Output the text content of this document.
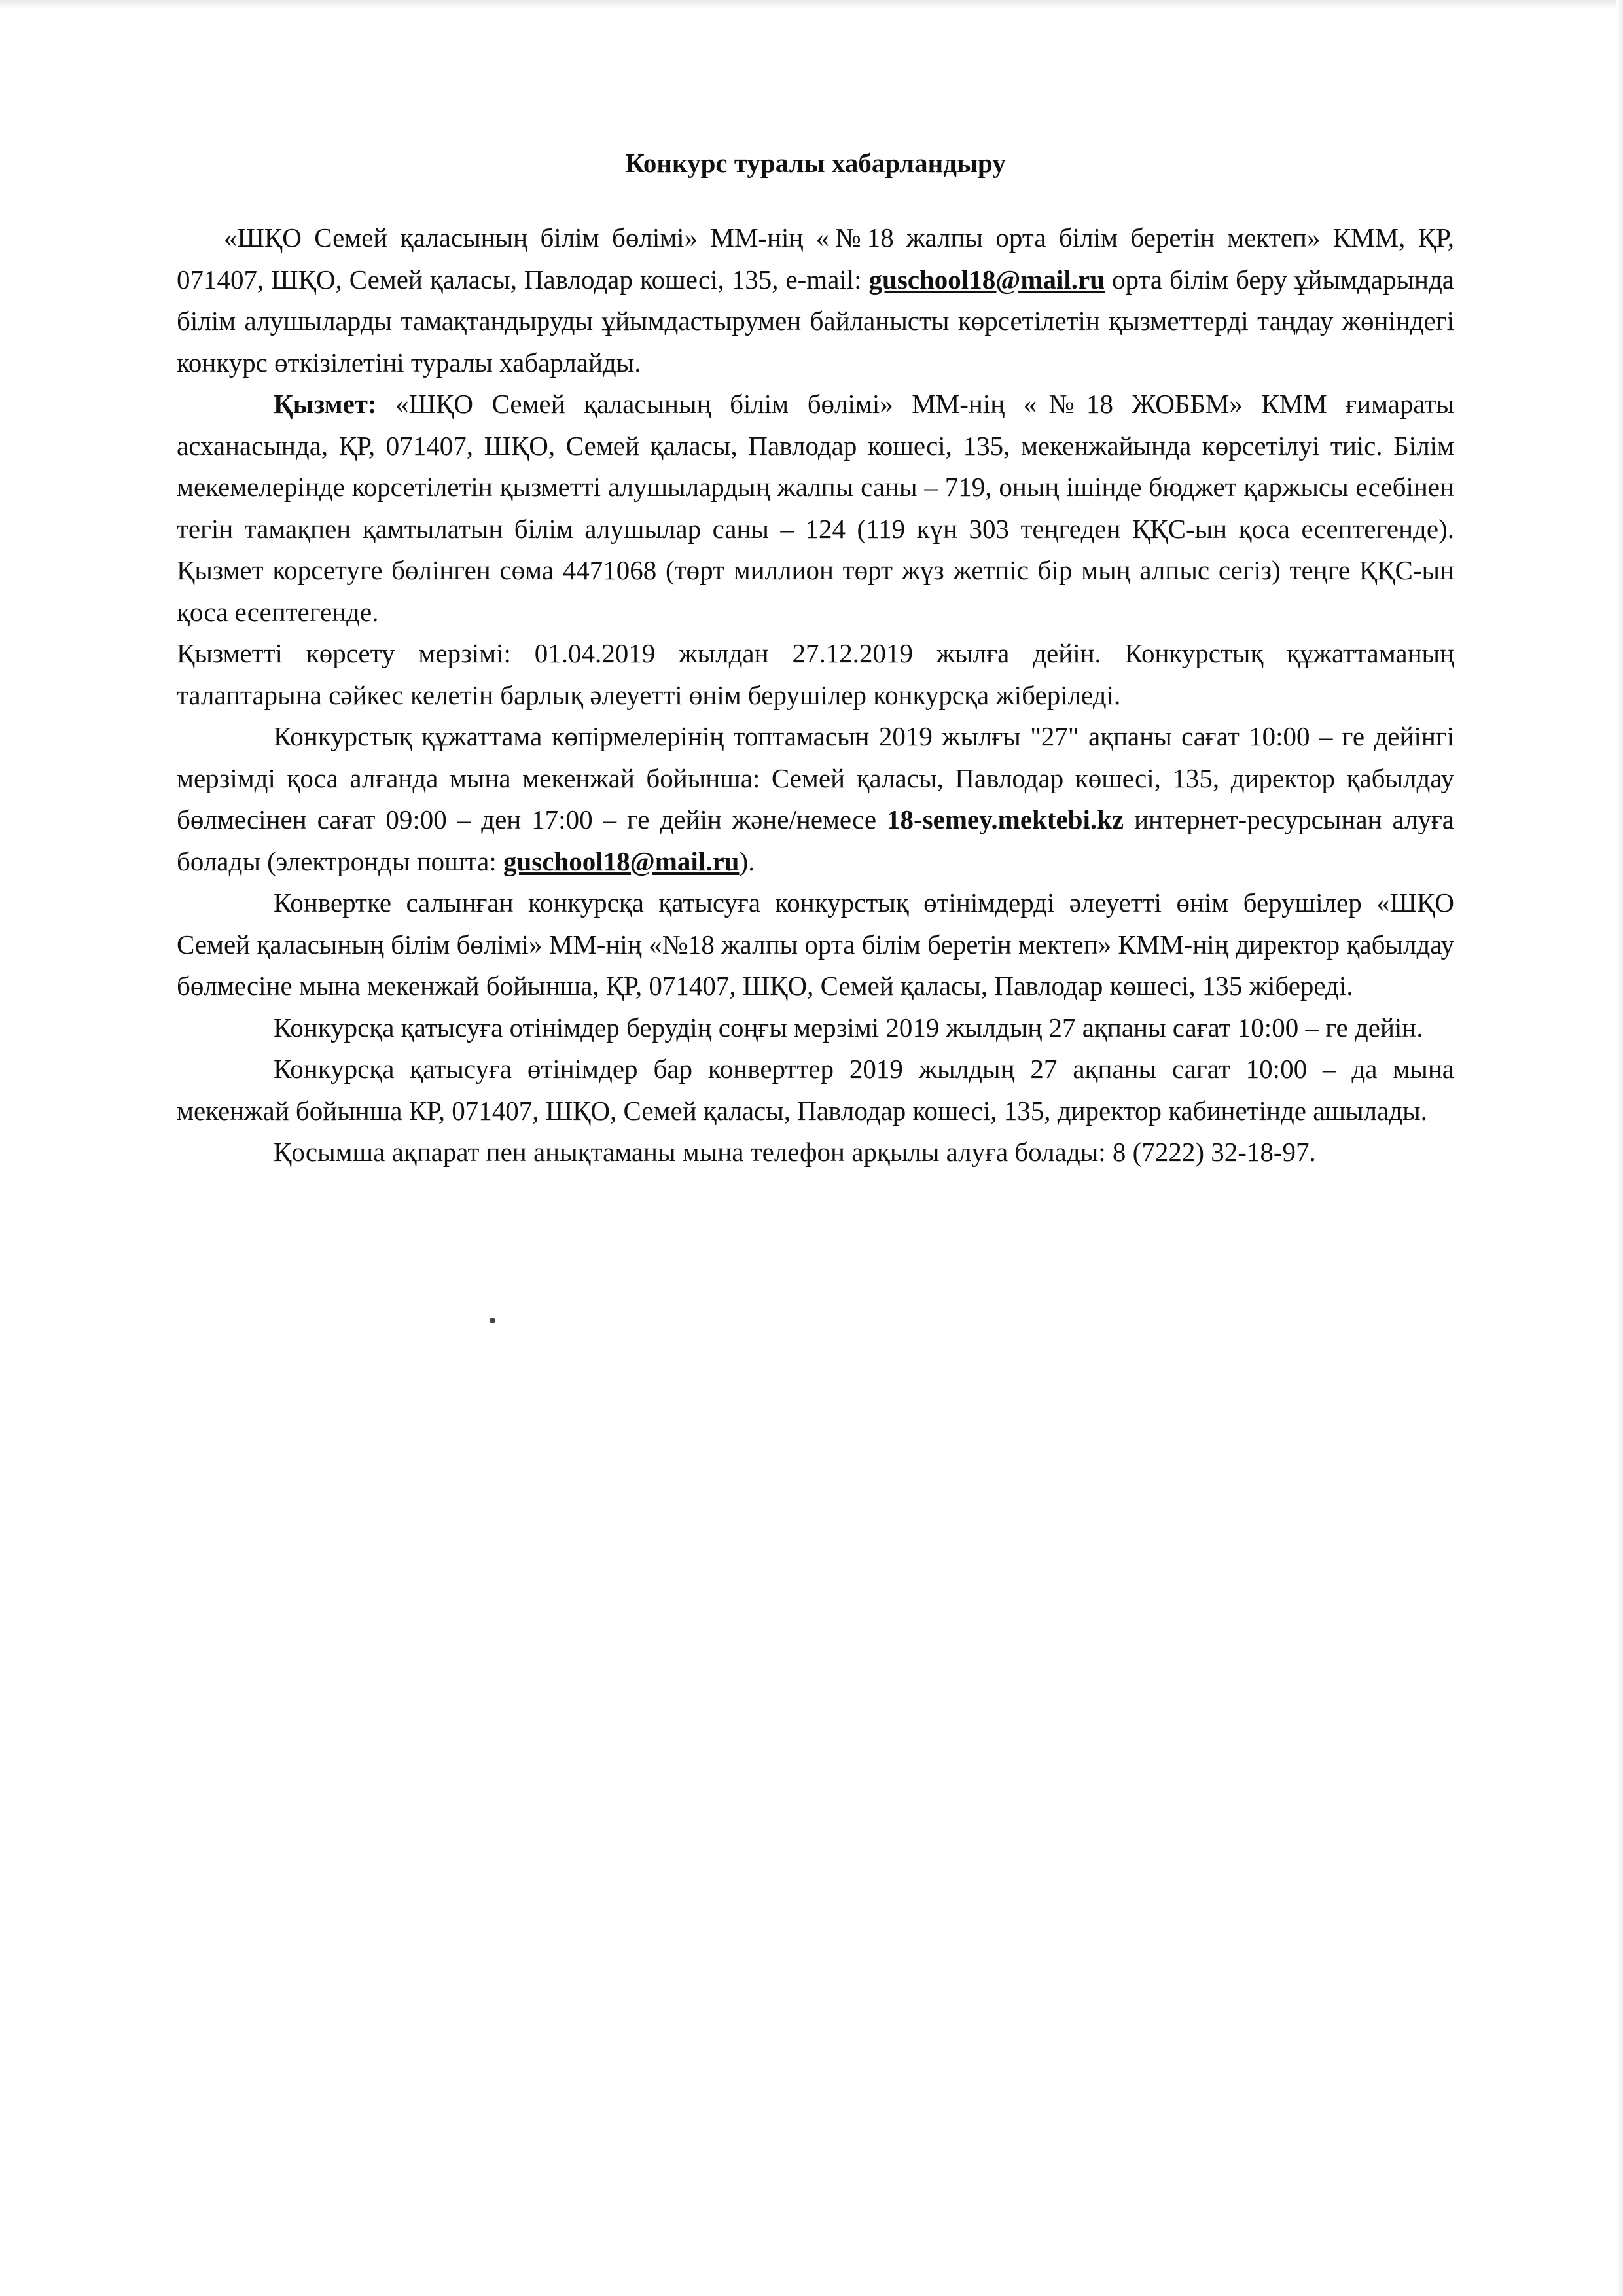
Конкурс туралы хабарландыру

«ШҚО Семей қаласының білім бөлімі» ММ-нің «№18 жалпы орта білім беретін мектеп» КММ, ҚР, 071407, ШҚО, Семей қаласы, Павлодар кошесі, 135, e-mail: guschool18@mail.ru орта білім беру ұйымдарында білім алушыларды тамақтандыруды ұйымдастырумен байланысты көрсетілетін қызметтерді таңдау жөніндегі конкурс өткізілетіні туралы хабарлайды.

Қызмет: «ШҚО Семей қаласының білім бөлімі» ММ-нің «№18 ЖОББМ» КММ ғимараты асханасында, ҚР, 071407, ШҚО, Семей қаласы, Павлодар кошесі, 135, мекенжайында көрсетілуі тиіс. Білім мекемелерінде корсетілетін қызметті алушылардың жалпы саны – 719, оның ішінде бюджет қаржысы есебінен тегін тамақпен қамтылатын білім алушылар саны – 124 (119 күн 303 теңгеден ҚҚС-ын қоса есептегенде). Қызмет корсетуге бөлінген сөма 4471068 (төрт миллион төрт жүз жетпіс бір мың алпыс сегіз) теңге ҚҚС-ын қоса есептегенде.

Қызметті көрсету мерзімі: 01.04.2019 жылдан 27.12.2019 жылға дейін. Конкурстық құжаттаманың талаптарына сәйкес келетін барлық әлеуетті өнім берушілер конкурсқа жіберіледі.

Конкурстық құжаттама көпірмелерінің топтамасын 2019 жылғы "27" ақпаны сағат 10:00 – ге дейінгі мерзімді қоса алғанда мына мекенжай бойынша: Семей қаласы, Павлодар көшесі, 135, директор қабылдау бөлмесінен сағат 09:00 – ден 17:00 – ге дейін және/немесе 18-semey.mektebi.kz интернет-ресурсынан алуға болады (электронды пошта: guschool18@mail.ru).

Конвертке салынған конкурсқа қатысуға конкурстық өтінімдерді әлеуетті өнім берушілер «ШҚО Семей қаласының білім бөлімі» ММ-нің «№18 жалпы орта білім беретін мектеп» КММ-нің директор қабылдау бөлмесіне мына мекенжай бойынша, ҚР, 071407, ШҚО, Семей қаласы, Павлодар көшесі, 135 жібереді.

Конкурсқа қатысуға отінімдер берудің соңғы мерзімі 2019 жылдың 27 ақпаны сағат 10:00 – ге дейін.

Конкурсқа қатысуға өтінімдер бар конверттер 2019 жылдың 27 ақпаны сагат 10:00 – да мына мекенжай бойынша КР, 071407, ШҚО, Семей қаласы, Павлодар кошесі, 135, директор кабинетінде ашылады.

Қосымша ақпарат пен анықтаманы мына телефон арқылы алуға болады: 8 (7222) 32-18-97.
